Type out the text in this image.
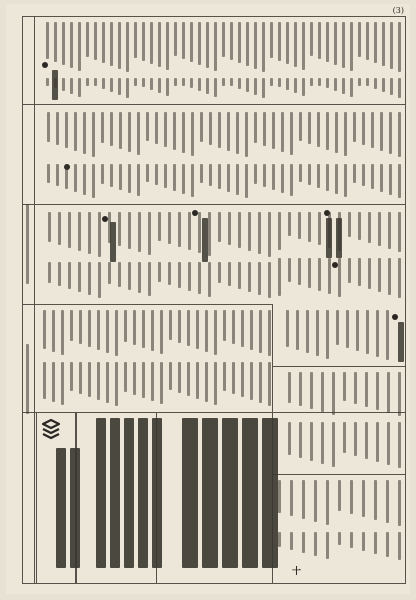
(3)
十
